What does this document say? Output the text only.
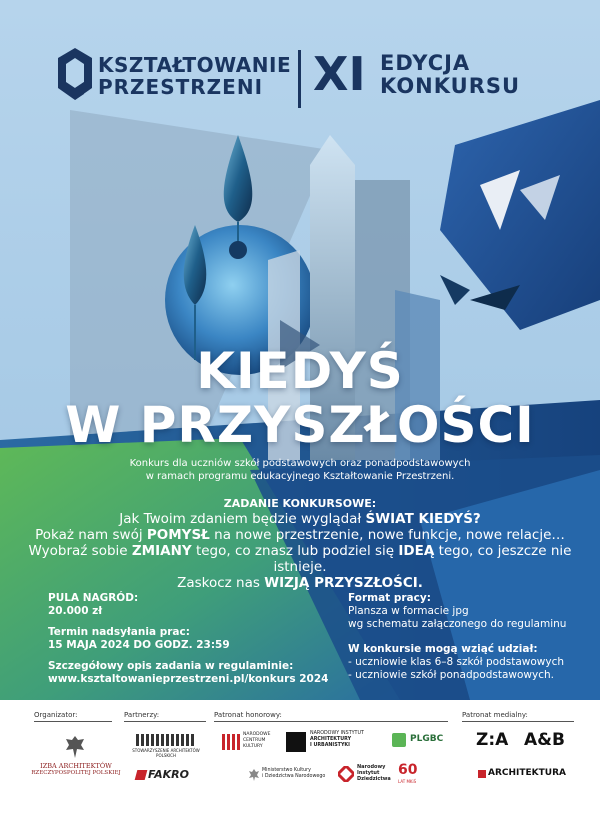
KSZTAŁTOWANIE
PRZESTRZENI	XI EDYCJA
KONKURSU
KIEDYŚ
W PRZYSZŁOŚCI
Konkurs dla uczniów szkół podstawowych oraz ponadpodstawowych
w ramach programu edukacyjnego Kształtowanie Przestrzeni.
ZADANIE KONKURSOWE:
Jak Twoim zdaniem będzie wyglądał ŚWIAT KIEDYŚ?
Pokaż nam swój POMYSŁ na nowe przestrzenie, nowe funkcje, nowe relacje…
Wyobraź sobie ZMIANY tego, co znasz lub podziel się IDEĄ tego, co jeszcze nie istnieje.
Zaskocz nas WIZJĄ PRZYSZŁOŚCI.
PULA NAGRÓD:
20.000 zł
Termin nadsyłania prac:
15 MAJA 2024 DO GODZ. 23:59
Szczegółowy opis zadania w regulaminie:
www.ksztaltowanieprzestrzeni.pl/konkurs 2024
Format pracy:
Plansza w formacie jpg
wg schematu załączonego do regulaminu
W konkursie mogą wziąć udział:
- uczniowie klas 6–8 szkół podstawowych
- uczniowie szkół ponadpodstawowych.
Organizator:	Partnerzy:	Patronat honorowy:	Patronat medialny:
IZBA ARCHITEKTÓW
RZECZYPOSPOLITEJ POLSKIEJ
STOWARZYSZENIE ARCHITEKTÓW POLSKICH
FAKRO
NARODOWE
CENTRUM
KULTURY
NARODOWY INSTYTUT
ARCHITEKTURY
I URBANISTYKI
PLGBC
Ministerstwo Kultury
i Dziedzictwa Narodowego
Narodowy
Instytut
Dziedzictwa
60
LAT MKiŚ
Z:A A&B
ARCHITEKTURA
